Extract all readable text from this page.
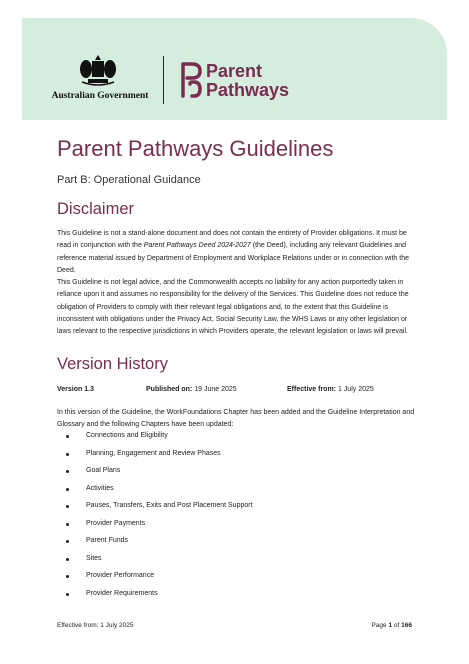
Australian Government
Parent
Pathways
Parent Pathways Guidelines
Part B: Operational Guidance
Disclaimer
This Guideline is not a stand-alone document and does not contain the entirety of Provider obligations. It must be read in conjunction with the Parent Pathways Deed 2024-2027 (the Deed), including any relevant Guidelines and reference material issued by Department of Employment and Workplace Relations under or in connection with the Deed.
This Guideline is not legal advice, and the Commonwealth accepts no liability for any action purportedly taken in reliance upon it and assumes no responsibility for the delivery of the Services. This Guideline does not reduce the obligation of Providers to comply with their relevant legal obligations and, to the extent that this Guideline is inconsistent with obligations under the Privacy Act, Social Security Law, the WHS Laws or any other legislation or laws relevant to the respective jurisdictions in which Providers operate, the relevant legislation or laws will prevail.
Version History
Version 1.3	Published on: 19 June 2025	Effective from: 1 July 2025
In this version of the Guideline, the WorkFoundations Chapter has been added and the Guideline Interpretation and Glossary and the following Chapters have been updated:
Connections and Eligibility
Planning, Engagement and Review Phases
Goal Plans
Activities
Pauses, Transfers, Exits and Post Placement Support
Provider Payments
Parent Funds
Sites
Provider Performance
Provider Requirements
Effective from: 1 July 2025	Page 1 of 166
